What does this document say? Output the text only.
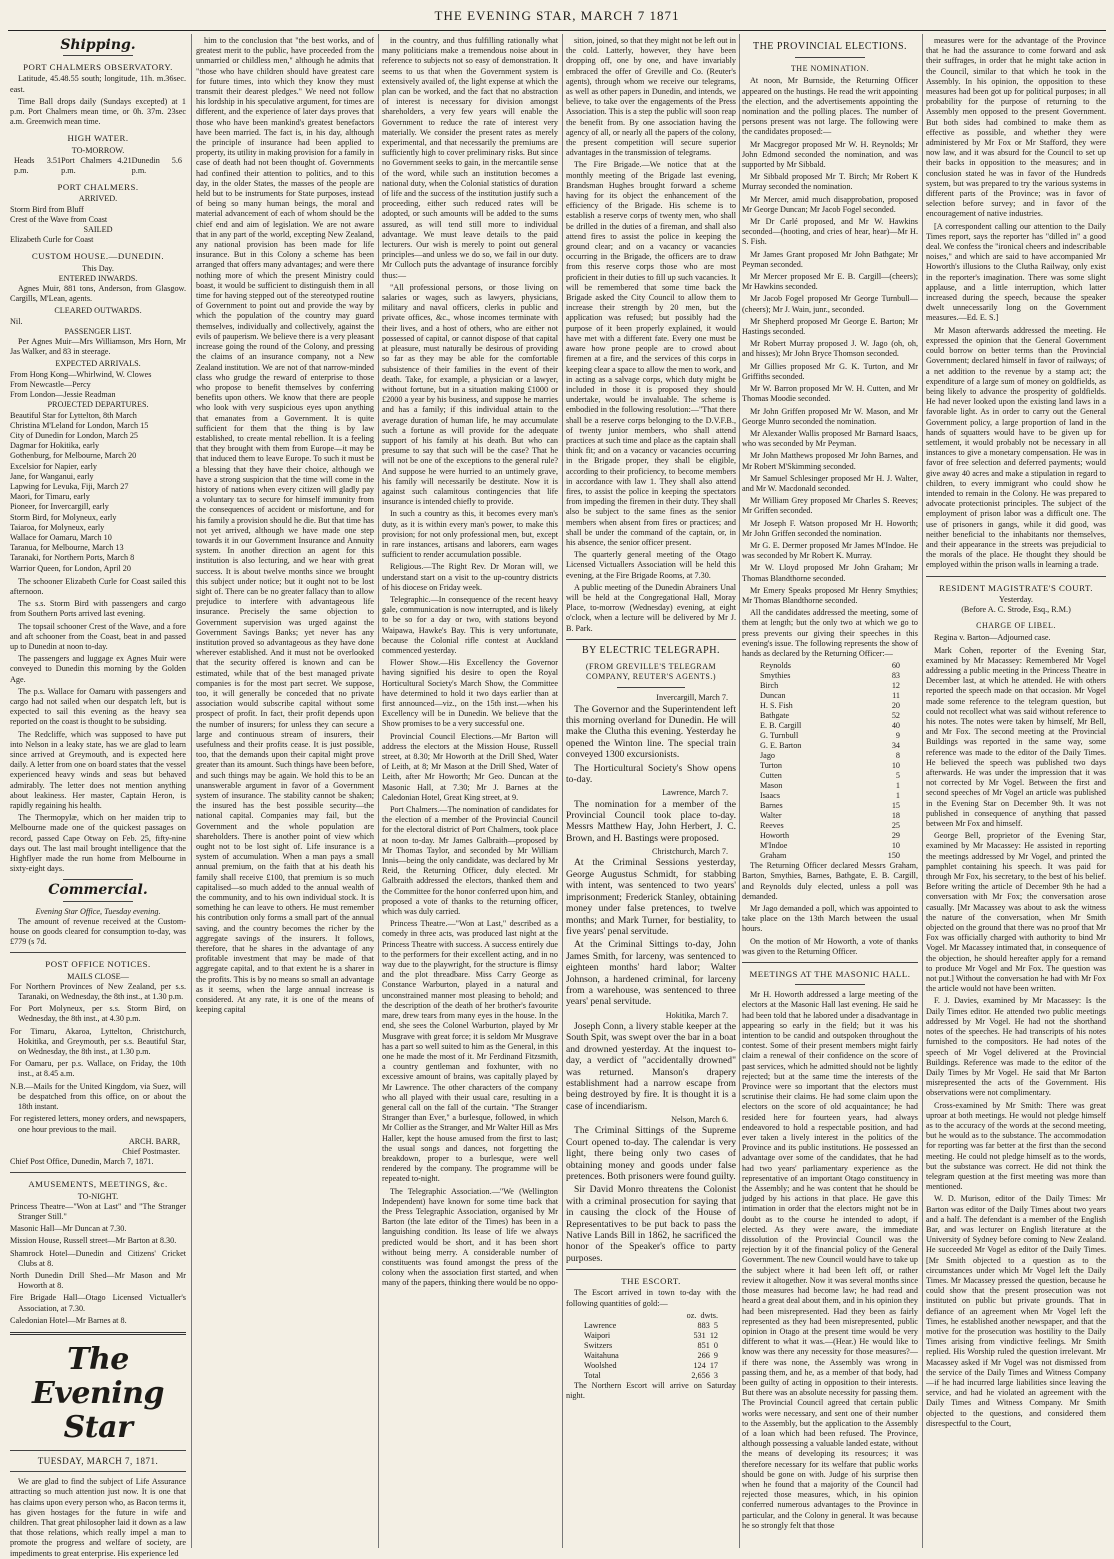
THE EVENING STAR, MARCH 7 1871
Shipping.
PORT CHALMERS OBSERVATORY.

Latitude, 45.48.55 south; longitude, 11h. m.36sec. east.

Time Ball drops daily (Sundays excepted) at 1 p.m. Port Chalmers mean time, or 0h. 37m. 23sec a.m. Greenwich mean time.

HIGH WATER.
TO-MORROW.
Heads 3.51 p.m.
Port Chalmers 4.21 p.m.
Dunedin 5.6 p.m.
PORT CHALMERS.
ARRIVED.
Storm Bird from Bluff
Crest of the Wave from Coast
SAILED
Elizabeth Curle for Coast
CUSTOM HOUSE.—DUNEDIN.
This Day.
ENTERED INWARDS.

Agnes Muir, 881 tons, Anderson, from Glasgow. Cargills, M'Lean, agents.

CLEARED OUTWARDS.
Nil.
PASSENGER LIST.

Per Agnes Muir—Mrs Williamson, Mrs Horn, Mr Jas Walker, and 83 in steerage.

EXPECTED ARRIVALS.
From Hong Kong—Whirlwind, W. Clowes
From Newcastle—Percy
From London—Jessie Readman
PROJECTED DEPARTURES.
Beautiful Star for Lyttelton, 8th March
Christina M'Leland for London, March 15
City of Dunedin for London, March 25
Dagmar for Hokitika, early
Gothenburg, for Melbourne, March 20
Excelsior for Napier, early
Jane, for Wanganui, early
Lapwing for Levuka, Fiji, March 27
Maori, for Timaru, early
Pioneer, for Invercargill, early
Storm Bird, for Molyneux, early
Taiaroa, for Molyneux, early
Wallace for Oamaru, March 10
Taranua, for Melbourne, March 13
Taranaki, for Northern Ports, March 8
Warrior Queen, for London, April 20

The schooner Elizabeth Curle for Coast sailed this afternoon.

The s.s. Storm Bird with passengers and cargo from Southern Ports arrived last evening.

The topsail schooner Crest of the Wave, and a fore and aft schooner from the Coast, beat in and passed up to Dunedin at noon to-day.

The passengers and luggage ex Agnes Muir were conveyed to Dunedin this morning by the Golden Age.

The p.s. Wallace for Oamaru with passengers and cargo had not sailed when our despatch left, but is expected to sail this evening as the heavy sea reported on the coast is thought to be subsiding.

The Redcliffe, which was supposed to have put into Nelson in a leaky state, has we are glad to learn since arrived at Greymouth, and is expected here daily. A letter from one on board states that the vessel experienced heavy winds and seas but behaved admirably. The letter does not mention anything about leakiness. Her master, Captain Heron, is rapidly regaining his health.

The Thermopylæ, which on her maiden trip to Melbourne made one of the quickest passages on record, passed Cape Otway on Feb. 25, fifty-nine days out. The last mail brought intelligence that the Highflyer made the run home from Melbourne in sixty-eight days.

Commercial.
Evening Star Office, Tuesday evening.

The amount of revenue received at the Custom-house on goods cleared for consumption to-day, was £779 (s 7d.

POST OFFICE NOTICES.
MAILS CLOSE—

For Northern Provinces of New Zealand, per s.s. Taranaki, on Wednesday, the 8th inst., at 1.30 p.m.

For Port Molyneux, per s.s. Storm Bird, on Wednesday, the 8th inst., at 4.30 p.m.

For Timaru, Akaroa, Lyttelton, Christchurch, Hokitika, and Greymouth, per s.s. Beautiful Star, on Wednesday, the 8th inst., at 1.30 p.m.

For Oamaru, per p.s. Wallace, on Friday, the 10th inst., at 8.45 a.m.

N.B.—Mails for the United Kingdom, via Suez, will be despatched from this office, on or about the 18th instant.

For registered letters, money orders, and newspapers, one hour previous to the mail.

ARCH. BARR,
Chief Postmaster.
Chief Post Office, Dunedin, March 7, 1871.
AMUSEMENTS, MEETINGS, &c.
TO-NIGHT.

Princess Theatre—"Won at Last" and "The Stranger Stranger Still."

Masonic Hall—Mr Duncan at 7.30.

Mission House, Russell street—Mr Barton at 8.30.

Shamrock Hotel—Dunedin and Citizens' Cricket Clubs at 8.

North Dunedin Drill Shed—Mr Mason and Mr Howorth at 8.

Fire Brigade Hall—Otago Licensed Victualler's Association, at 7.30.

Caledonian Hotel—Mr Barnes at 8.

The Evening Star
TUESDAY, MARCH 7, 1871.

We are glad to find the subject of Life Assurance attracting so much attention just now. It is one that has claims upon every person who, as Bacon terms it, has given hostages for the future in wife and children. That great philosopher laid it down as a law that those relations, which really impel a man to promote the progress and welfare of society, are impediments to great enterprise. His experience led

him to the conclusion that "the best works, and of greatest merit to the public, have proceeded from the unmarried or childless men," although he admits that "those who have children should have greatest care for future times, into which they know they must transmit their dearest pledges." We need not follow his lordship in his speculative argument, for times are different, and the experience of later days proves that those who have been mankind's greatest benefactors have been married. The fact is, in his day, although the principle of insurance had been applied to property, its utility in making provision for a family in case of death had not been thought of. Governments had confined their attention to politics, and to this day, in the older States, the masses of the people are held but to be instruments for State purposes, instead of being so many human beings, the moral and material advancement of each of whom should be the chief end and aim of legislation. We are not aware that in any part of the world, excepting New Zealand, any national provision has been made for life insurance. But in this Colony a scheme has been arranged that offers many advantages; and were there nothing more of which the present Ministry could boast, it would be sufficient to distinguish them in all time for having stepped out of the stereotyped routine of Government to point out and provide the way by which the population of the country may guard themselves, individually and collectively, against the evils of pauperism. We believe there is a very pleasant increase going the round of the Colony, and pressing the claims of an insurance company, not a New Zealand institution. We are not of that narrow-minded class who grudge the reward of enterprise to those who propose to benefit themselves by conferring benefits upon others. We know that there are people who look with very suspicious eyes upon anything that emanates from a Government. It is quite sufficient for them that the thing is by law established, to create mental rebellion. It is a feeling that they brought with them from Europe—it may be that induced them to leave Europe. To such it must be a blessing that they have their choice, although we have a strong suspicion that the time will come in the history of nations when every citizen will gladly pay a voluntary tax to secure for himself immunity from the consequences of accident or misfortune, and for his family a provision should he die. But that time has not yet arrived, although we have made one step towards it in our Government Insurance and Annuity system. In another direction an agent for this institution is also lecturing, and we hear with great success. It is about twelve months since we brought this subject under notice; but it ought not to be lost sight of. There can be no greater fallacy than to allow prejudice to interfere with advantageous life insurance. Precisely the same objection to Government supervision was urged against the Government Savings Banks; yet never has any institution proved so advantageous as they have done wherever established. And it must not be overlooked that the security offered is known and can be estimated, while that of the best managed private companies is for the most part secret. We suppose, too, it will generally be conceded that no private association would subscribe capital without some prospect of profit. In fact, their profit depends upon the number of insurers; for unless they can secure a large and continuous stream of insurers, their usefulness and their profits cease. It is just possible, too, that the demands upon their capital might prove greater than its amount. Such things have been before, and such things may be again. We hold this to be an unanswerable argument in favor of a Government system of insurance. The stability cannot be shaken; the insured has the best possible security—the national capital. Companies may fail, but the Government and the whole population are shareholders. There is another point of view which ought not to be lost sight of. Life insurance is a system of accumulation. When a man pays a small annual premium, on the faith that at his death his family shall receive £100, that premium is so much capitalised—so much added to the annual wealth of the community, and to his own individual stock. It is something he can leave to others. He must remember his contribution only forms a small part of the annual saving, and the country becomes the richer by the aggregate savings of the insurers. It follows, therefore, that he shares in the advantage of any profitable investment that may be made of that aggregate capital, and to that extent he is a sharer in the profits. This is by no means so small an advantage as it seems, when the large annual increase is considered. At any rate, it is one of the means of keeping capital

in the country, and thus fulfilling rationally what many politicians make a tremendous noise about in reference to subjects not so easy of demonstration. It seems to us that when the Government system is extensively availed of, the light expense at which the plan can be worked, and the fact that no abstraction of interest is necessary for division amongst shareholders, a very few years will enable the Government to reduce the rate of interest very materially. We consider the present rates as merely experimental, and that necessarily the premiums are sufficiently high to cover preliminary risks. But since no Government seeks to gain, in the mercantile sense of the word, while such an institution becomes a national duty, when the Colonial statistics of duration of life and the success of the institution justify such a proceeding, either such reduced rates will be adopted, or such amounts will be added to the sums assured, as will tend still more to individual advantage. We must leave details to the paid lecturers. Our wish is merely to point out general principles—and unless we do so, we fail in our duty. Mr Culloch puts the advantage of insurance forcibly thus:—

"All professional persons, or those living on salaries or wages, such as lawyers, physicians, military and naval officers, clerks in public and private offices, &c., whose incomes terminate with their lives, and a host of others, who are either not possessed of capital, or cannot dispose of that capital at pleasure, must naturally be desirous of providing so far as they may be able for the comfortable subsistence of their families in the event of their death. Take, for example, a physician or a lawyer, without fortune, but in a situation making £1000 or £2000 a year by his business, and suppose he marries and has a family; if this individual attain to the average duration of human life, he may accumulate such a fortune as will provide for the adequate support of his family at his death. But who can presume to say that such will be the case? That he will not be one of the exceptions to the general rule? And suppose he were hurried to an untimely grave, his family will necessarily be destitute. Now it is against such calamitous contingencies that life insurance is intended chiefly to provide.

In such a country as this, it becomes every man's duty, as it is within every man's power, to make this provision; for not only professional men, but, except in rare instances, artisans and laborers, earn wages sufficient to render accumulation possible.

Religious.—The Right Rev. Dr Moran will, we understand start on a visit to the up-country districts of his diocese on Friday week.

Telegraphic.—In consequence of the recent heavy gale, communication is now interrupted, and is likely to be so for a day or two, with stations beyond Waipawa, Hawke's Bay. This is very unfortunate, because the Colonial rifle contest at Auckland commenced yesterday.

Flower Show.—His Excellency the Governor having signified his desire to open the Royal Horticultural Society's March Show, the Committee have determined to hold it two days earlier than at first announced—viz., on the 15th inst.—when his Excellency will be in Dunedin. We believe that the Show promises to be a very successful one.

Provincial Council Elections.—Mr Barton will address the electors at the Mission House, Russell street, at 8.30; Mr Howorth at the Drill Shed, Water of Leith, at 8; Mr Mason at the Drill Shed, Water of Leith, after Mr Howorth; Mr Geo. Duncan at the Masonic Hall, at 7.30; Mr J. Barnes at the Caledonian Hotel, Great King street, at 9.

Port Chalmers.—The nomination of candidates for the election of a member of the Provincial Council for the electoral district of Port Chalmers, took place at noon to-day. Mr James Galbraith—proposed by Mr Thomas Taylor, and seconded by Mr William Innis—being the only candidate, was declared by Mr Reid, the Returning Officer, duly elected. Mr Galbraith addressed the electors, thanked them and the Committee for the honor conferred upon him, and proposed a vote of thanks to the returning officer, which was duly carried.

Princess Theatre.—"Won at Last," described as a comedy in three acts, was produced last night at the Princess Theatre with success. A success entirely due to the performers for their excellent acting, and in no way due to the playwright, for the structure is flimsy and the plot threadbare. Miss Carry George as Constance Warburton, played in a natural and unconstrained manner most pleasing to behold; and the description of the death of her brother's favourite mare, drew tears from many eyes in the house. In the end, she sees the Colonel Warburton, played by Mr Musgrave with great force; it is seldom Mr Musgrave has a part so well suited to him as the General, in this one he made the most of it. Mr Ferdinand Fitzsmith, a country gentleman and foxhunter, with no excessive amount of brains, was capitally played by Mr Lawrence. The other characters of the company who all played with their usual care, resulting in a general call on the fall of the curtain. "The Stranger Stranger than Ever," a burlesque, followed, in which Mr Collier as the Stranger, and Mr Walter Hill as Mrs Haller, kept the house amused from the first to last; the usual songs and dances, not forgetting the breakdown, proper to a burlesque, were well rendered by the company. The programme will be repeated to-night.

The Telegraphic Association.—"We (Wellington Independent) have known for some time back that the Press Telegraphic Association, organised by Mr Barton (the late editor of the Times) has been in a languishing condition. Its lease of life we always predicted would be short, and it has been short without being merry. A considerable number of constituents was found amongst the press of the colony when the association first started, and when many of the papers, thinking there would be no oppo-

sition, joined, so that they might not be left out in the cold. Latterly, however, they have been dropping off, one by one, and have invariably embraced the offer of Greville and Co. (Reuter's agents), through whom we receive our telegrams, as well as other papers in Dunedin, and intends, we believe, to take over the engagements of the Press Association. This is a step the public will soon reap the benefit from. By one association having the agency of all, or nearly all the papers of the colony, the present competition will secure superior advantages in the transmission of telegrams.

The Fire Brigade.—We notice that at the monthly meeting of the Brigade last evening, Brandsman Hughes brought forward a scheme having for its object the enhancement of the efficiency of the Brigade. His scheme is to establish a reserve corps of twenty men, who shall be drilled in the duties of a fireman, and shall also attend fires to assist the police in keeping the ground clear; and on a vacancy or vacancies occurring in the Brigade, the officers are to draw from this reserve corps those who are most proficient in their duties to fill up such vacancies. It will be remembered that some time back the Brigade asked the City Council to allow them to increase their strength by 20 men, but the application was refused; but possibly had the purpose of it been properly explained, it would have met with a different fate. Every one must be aware how prone people are to crowd about firemen at a fire, and the services of this corps in keeping clear a space to allow the men to work, and in acting as a salvage corps, which duty might be included in those it is proposed they should undertake, would be invaluable. The scheme is embodied in the following resolution:—"That there shall be a reserve corps belonging to the D.V.F.B., of twenty junior members, who shall attend practices at such time and place as the captain shall think fit; and on a vacancy or vacancies occurring in the Brigade proper, they shall be eligible, according to their proficiency, to become members in accordance with law 1. They shall also attend fires, to assist the police in keeping the spectators from impeding the firemen in their duty. They shall also be subject to the same fines as the senior members when absent from fires or practices; and shall be under the command of the captain, or, in his absence, the senior officer present.

The quarterly general meeting of the Otago Licensed Victuallers Association will be held this evening, at the Fire Brigade Rooms, at 7.30.

A public meeting of the Dunedin Abrainers Unal will be held at the Congregational Hall, Moray Place, to-morrow (Wednesday) evening, at eight o'clock, when a lecture will be delivered by Mr J. B. Park.

BY ELECTRIC TELEGRAPH.
(FROM GREVILLE'S TELEGRAM COMPANY, REUTER'S AGENTS.)
Invercargill, March 7.

The Governor and the Superintendent left this morning overland for Dunedin. He will make the Clutha this evening. Yesterday he opened the Winton line. The special train conveyed 1300 excursionists.

The Horticultural Society's Show opens to-day.

Lawrence, March 7.

The nomination for a member of the Provincial Council took place to-day. Messrs Matthew Hay, John Herbert, J. C. Brown, and H. Bastings were proposed.

Christchurch, March 7.

At the Criminal Sessions yesterday, George Augustus Schmidt, for stabbing with intent, was sentenced to two years' imprisonment; Frederick Stanley, obtaining money under false pretences, to twelve months; and Mark Turner, for bestiality, to five years' penal servitude.

At the Criminal Sittings to-day, John James Smith, for larceny, was sentenced to eighteen months' hard labor; Walter Johnson, a hardened criminal, for larceny from a warehouse, was sentenced to three years' penal servitude.

Hokitika, March 7.

Joseph Conn, a livery stable keeper at the South Spit, was swept over the bar in a boat and drowned yesterday. At the inquest to-day, a verdict of "accidentally drowned" was returned. Manson's drapery establishment had a narrow escape from being destroyed by fire. It is thought it is a case of incendiarism.

Nelson, March 6.

The Criminal Sittings of the Supreme Court opened to-day. The calendar is very light, there being only two cases of obtaining money and goods under false pretences. Both prisoners were found guilty.

Sir David Monro threatens the Colonist with a criminal prosecution for saying that in causing the clock of the House of Representatives to be put back to pass the Native Lands Bill in 1862, he sacrificed the honor of the Speaker's office to party purposes.

THE ESCORT.

The Escort arrived in town to-day with the following quantities of gold:—

oz. dwts.
Lawrence	883 5
Waipori	531 12
Switzers	851 0
Waitahuna	266 9
Woolshed	124 17
Total	2,656 3

The Northern Escort will arrive on Saturday night.

THE PROVINCIAL ELECTIONS.
THE NOMINATION.

At noon, Mr Burnside, the Returning Officer appeared on the hustings. He read the writ appointing the election, and the advertisements appointing the nomination and the polling places. The number of persons present was not large. The following were the candidates proposed:—

Mr Macgregor proposed Mr W. H. Reynolds; Mr John Edmond seconded the nomination, and was supported by Mr Sibbald.

Mr Sibbald proposed Mr T. Birch; Mr Robert K Murray seconded the nomination.

Mr Mercer, amid much disapprobation, proposed Mr George Duncan; Mr Jacob Fogel seconded.

Mr Dr Carlé proposed, and Mr W. Hawkins seconded—(hooting, and cries of hear, hear)—Mr H. S. Fish.

Mr James Grant proposed Mr John Bathgate; Mr Peyman seconded.

Mr Mercer proposed Mr E. B. Cargill—(cheers); Mr Hawkins seconded.

Mr Jacob Fogel proposed Mr George Turnbull—(cheers); Mr J. Wain, junr., seconded.

Mr Shepherd proposed Mr George E. Barton; Mr Hastings seconded.

Mr Robert Murray proposed J. W. Jago (oh, oh, and hisses); Mr John Bryce Thomson seconded.

Mr Gillies proposed Mr G. K. Turton, and Mr Griffiths seconded.

Mr W. Barron proposed Mr W. H. Cutten, and Mr Thomas Moodie seconded.

Mr John Griffen proposed Mr W. Mason, and Mr George Munro seconded the nomination.

Mr Alexander Wallis proposed Mr Barnard Isaacs, who was seconded by Mr Peyman.

Mr John Matthews proposed Mr John Barnes, and Mr Robert M'Skimming seconded.

Mr Samuel Schlesinger proposed Mr H. J. Walter, and Mr W. Macdonald seconded.

Mr William Grey proposed Mr Charles S. Reeves; Mr Griffen seconded.

Mr Joseph F. Watson proposed Mr H. Howorth; Mr John Griffen seconded the nomination.

Mr G. E. Dermer proposed Mr James M'Indoe. He was seconded by Mr Robert K. Murray.

Mr W. Lloyd proposed Mr John Graham; Mr Thomas Blandthorne seconded.

Mr Emery Speaks proposed Mr Henry Smythies; Mr Thomas Blandthorne seconded.

All the candidates addressed the meeting, some of them at length; but the only two at which we go to press prevents our giving their speeches in this evening's issue. The following represents the show of hands as declared by the Returning Officer:—

Reynolds	60
Smythies	83
Birch	12
Duncan	11
H. S. Fish	20
Bathgate	52
E. B. Cargill	40
G. Turnbull	9
G. E. Barton	34
Jago	8
Turton	10
Cutten	5
Mason	1
Isaacs	1
Barnes	15
Walter	18
Reeves	25
Howorth	29
M'Indoe	10
Graham	150

The Returning Officer declared Messrs Graham, Barton, Smythies, Barnes, Bathgate, E. B. Cargill, and Reynolds duly elected, unless a poll was demanded.

Mr Jago demanded a poll, which was appointed to take place on the 13th March between the usual hours.

On the motion of Mr Howorth, a vote of thanks was given to the Returning Officer.

MEETINGS AT THE MASONIC HALL.

Mr H. Howorth addressed a large meeting of the electors at the Masonic Hall last evening. He said he had been told that he labored under a disadvantage in appearing so early in the field; but it was his intention to be candid and outspoken throughout the contest. Some of their present members might fairly claim a renewal of their confidence on the score of past services, which he admitted should not be lightly rejected; but at the same time the interests of the Province were so important that the electors must scrutinise their claims. He had some claim upon the electors on the score of old acquaintance; he had resided here for fourteen years, had always endeavored to hold a respectable position, and had ever taken a lively interest in the politics of the Province and its public institutions. He possessed an advantage over some of the candidates, that he had had two years' parliamentary experience as the representative of an important Otago constituency in the Assembly; and he was content that he should be judged by his actions in that place. He gave this intimation in order that the electors might not be in doubt as to the course he intended to adopt, if elected. As they were aware, the immediate dissolution of the Provincial Council was the rejection by it of the financial policy of the General Government. The new Council would have to take up the subject where it had been left off, or rather review it altogether. Now it was several months since those measures had become law; he had read and heard a great deal about them, and in his opinion they had been misrepresented. Had they been as fairly represented as they had been misrepresented, public opinion in Otago at the present time would be very different to what it was.—(Hear.) He would like to know was there any necessity for those measures?—if there was none, the Assembly was wrong in passing them, and he, as a member of that body, had been guilty of acting in opposition to their interests. But there was an absolute necessity for passing them. The Provincial Council agreed that certain public works were necessary, and sent one of their number to the Assembly, but the application to the Assembly of a loan which had been refused. The Province, although possessing a valuable landed estate, without the means of developing its resources; it was therefore necessary for its welfare that public works should be gone on with. Judge of his surprise then when he found that a majority of the Council had rejected those measures, which, in his opinion conferred numerous advantages to the Province in particular, and the Colony in general. It was because he so strongly felt that those

measures were for the advantage of the Province that he had the assurance to come forward and ask their suffrages, in order that he might take action in the Council, similar to that which he took in the Assembly. In his opinion, the opposition to these measures had been got up for political purposes; in all probability for the purpose of returning to the Assembly men opposed to the present Government. But both sides had combined to make them as effective as possible, and whether they were administered by Mr Fox or Mr Stafford, they were now law, and it was absurd for the Council to set up their backs in opposition to the measures; and in conclusion stated he was in favor of the Hundreds system, but was prepared to try the various systems in different parts of the Province; was in favor of selection before survey; and in favor of the encouragement of native industries.

[A correspondent calling our attention to the Daily Times report, says the reporter has "dilled in" a good deal. We confess the "ironical cheers and indescribable noises," and which are said to have accompanied Mr Howorth's illusions to the Clutha Railway, only exist in the reporter's imagination. There was some slight applause, and a little interruption, which latter increased during the speech, because the speaker dwelt unnecessarily long on the Government measures.—Ed. E. S.]

Mr Mason afterwards addressed the meeting. He expressed the opinion that the General Government could borrow on better terms than the Provincial Government; declared himself in favor of railways; of a net addition to the revenue by a stamp act; the expenditure of a large sum of money on goldfields, as being likely to advance the prosperity of goldfields. He had never looked upon the existing land laws in a favorable light. As in order to carry out the General Government policy, a large proportion of land in the hands of squatters would have to be given up for settlement, it would probably not be necessary in all instances to give a monetary compensation. He was in favor of free selection and deferred payments; would give away 40 acres and make a stipulation in regard to children, to every immigrant who could show he intended to remain in the Colony. He was prepared to advocate protectionist principles. The subject of the employment of prison labor was a difficult one. The use of prisoners in gangs, while it did good, was neither beneficial to the inhabitants nor themselves, and their appearance in the streets was prejudicial to the morals of the place. He thought they should be employed within the prison walls in learning a trade.

RESIDENT MAGISTRATE'S COURT.
Yesterday.
(Before A. C. Strode, Esq., R.M.)
CHARGE OF LIBEL.

Regina v. Barton—Adjourned case.

Mark Cohen, reporter of the Evening Star, examined by Mr Macassey: Remembered Mr Vogel addressing a public meeting in the Princess Theatre in December last, at which he attended. He with others reported the speech made on that occasion. Mr Vogel made some reference to the telegram question, but could not recollect what was said without reference to his notes. The notes were taken by himself, Mr Bell, and Mr Fox. The second meeting at the Provincial Buildings was reported in the same way, some reference was made to the editor of the Daily Times. He believed the speech was published two days afterwards. He was under the impression that it was not corrected by Mr Vogel. Between the first and second speeches of Mr Vogel an article was published in the Evening Star on December 9th. It was not published in consequence of anything that passed between Mr Fox and himself.

George Bell, proprietor of the Evening Star, examined by Mr Macassey: He assisted in reporting the meetings addressed by Mr Vogel, and printed the pamphlet containing his speech. It was paid for through Mr Fox, his secretary, to the best of his belief. Before writing the article of December 9th he had a conversation with Mr Fox; the conversation arose casually. [Mr Macassey was about to ask the witness the nature of the conversation, when Mr Smith objected on the ground that there was no proof that Mr Fox was officially charged with authority to bind Mr Vogel. Mr Macassey intimated that, in consequence of the objection, he should hereafter apply for a remand to produce Mr Vogel and Mr Fox. The question was not put.] Without the conversation he had with Mr Fox the article would not have been written.

F. J. Davies, examined by Mr Macassey: Is the Daily Times editor. He attended two public meetings addressed by Mr Vogel. He had not the shorthand notes of the speeches. He had transcripts of his notes furnished to the compositors. He had notes of the speech of Mr Vogel delivered at the Provincial Buildings. Reference was made to the editor of the Daily Times by Mr Vogel. He said that Mr Barton misrepresented the acts of the Government. His observations were not complimentary.

Cross-examined by Mr Smith: There was great uproar at both meetings. He would not pledge himself as to the accuracy of the words at the second meeting, but he would as to the substance. The accommodation for reporting was far better at the first than the second meeting. He could not pledge himself as to the words, but the substance was correct. He did not think the telegram question at the first meeting was more than mentioned.

W. D. Murison, editor of the Daily Times: Mr Barton was editor of the Daily Times about two years and a half. The defendant is a member of the English Bar, and was lecturer on English literature at the University of Sydney before coming to New Zealand. He succeeded Mr Vogel as editor of the Daily Times. [Mr Smith objected to a question as to the circumstances under which Mr Vogel left the Daily Times. Mr Macassey pressed the question, because he could show that the present prosecution was not instituted on public but private grounds. That in defiance of an agreement when Mr Vogel left the Times, he established another newspaper, and that the motive for the prosecution was hostility to the Daily Times arising from vindictive feelings. Mr Smith replied. His Worship ruled the question irrelevant. Mr Macassey asked if Mr Vogel was not dismissed from the service of the Daily Times and Witness Company—if he had incurred large liabilities since leaving the service, and had he violated an agreement with the Daily Times and Witness Company. Mr Smith objected to the questions, and considered them disrespectful to the Court,
